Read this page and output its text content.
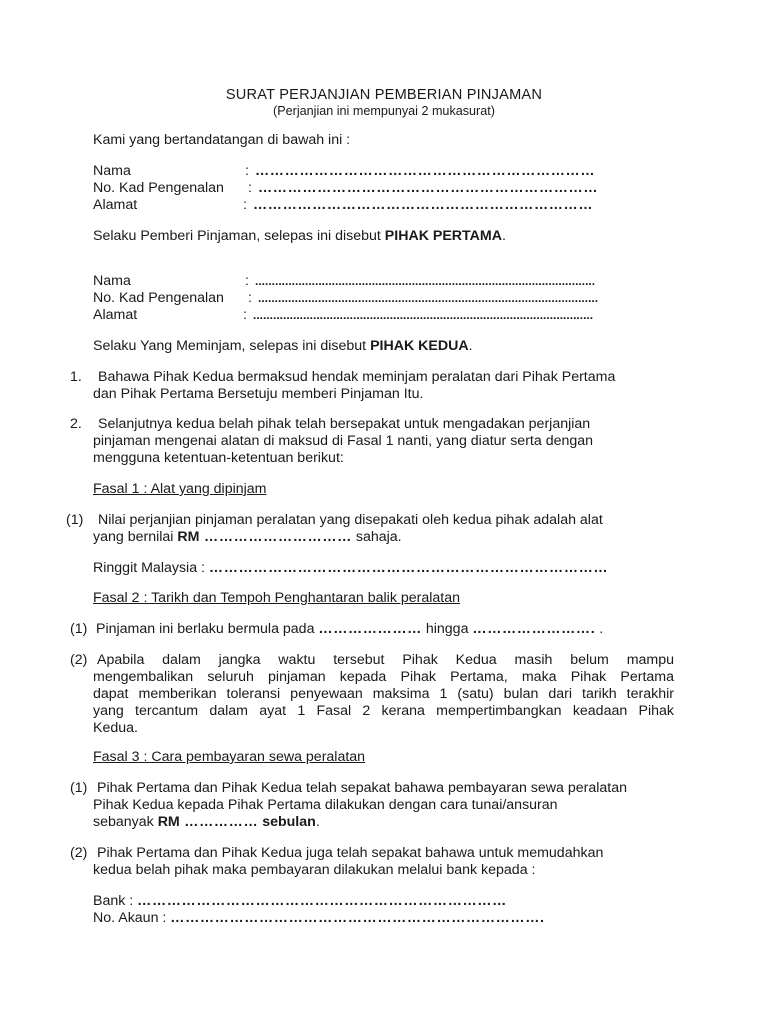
SURAT PERJANJIAN PEMBERIAN PINJAMAN
(Perjanjian ini mempunyai 2 mukasurat)
Kami yang bertandatangan di bawah ini :
Nama	: ……………………………………………………………
No. Kad Pengenalan : ……………………………………………………………
Alamat	: ……………………………………………………………
Selaku Pemberi Pinjaman, selepas ini disebut PIHAK PERTAMA.
Nama	: ......................................................................................................
No. Kad Pengenalan : ......................................................................................................
Alamat	: ......................................................................................................
Selaku Yang Meminjam, selepas ini disebut PIHAK KEDUA.
1. Bahawa Pihak Kedua bermaksud hendak meminjam peralatan dari Pihak Pertama
dan Pihak Pertama Bersetuju memberi Pinjaman Itu.
2. Selanjutnya kedua belah pihak telah bersepakat untuk mengadakan perjanjian
pinjaman mengenai alatan di maksud di Fasal 1 nanti, yang diatur serta dengan
mengguna ketentuan-ketentuan berikut:
Fasal 1 : Alat yang dipinjam
(1) Nilai perjanjian pinjaman peralatan yang disepakati oleh kedua pihak adalah alat
yang bernilai RM ………………………… sahaja.
Ringgit Malaysia : ………………………………………………………………………
Fasal 2 : Tarikh dan Tempoh Penghantaran balik peralatan
(1) Pinjaman ini berlaku bermula pada ………………… hingga ……………………. .
(2) Apabila dalam jangka waktu tersebut Pihak Kedua masih belum mampu
mengembalikan seluruh pinjaman kepada Pihak Pertama, maka Pihak Pertama
dapat memberikan toleransi penyewaan maksima 1 (satu) bulan dari tarikh terakhir
yang tercantum dalam ayat 1 Fasal 2 kerana mempertimbangkan keadaan Pihak
Kedua.
Fasal 3 : Cara pembayaran sewa peralatan
(1) Pihak Pertama dan Pihak Kedua telah sepakat bahawa pembayaran sewa peralatan
Pihak Kedua kepada Pihak Pertama dilakukan dengan cara tunai/ansuran
sebanyak RM …………… sebulan.
(2) Pihak Pertama dan Pihak Kedua juga telah sepakat bahawa untuk memudahkan
kedua belah pihak maka pembayaran dilakukan melalui bank kepada :
Bank : …………………………………………………………………
No. Akaun : ………………………………………………………………….
